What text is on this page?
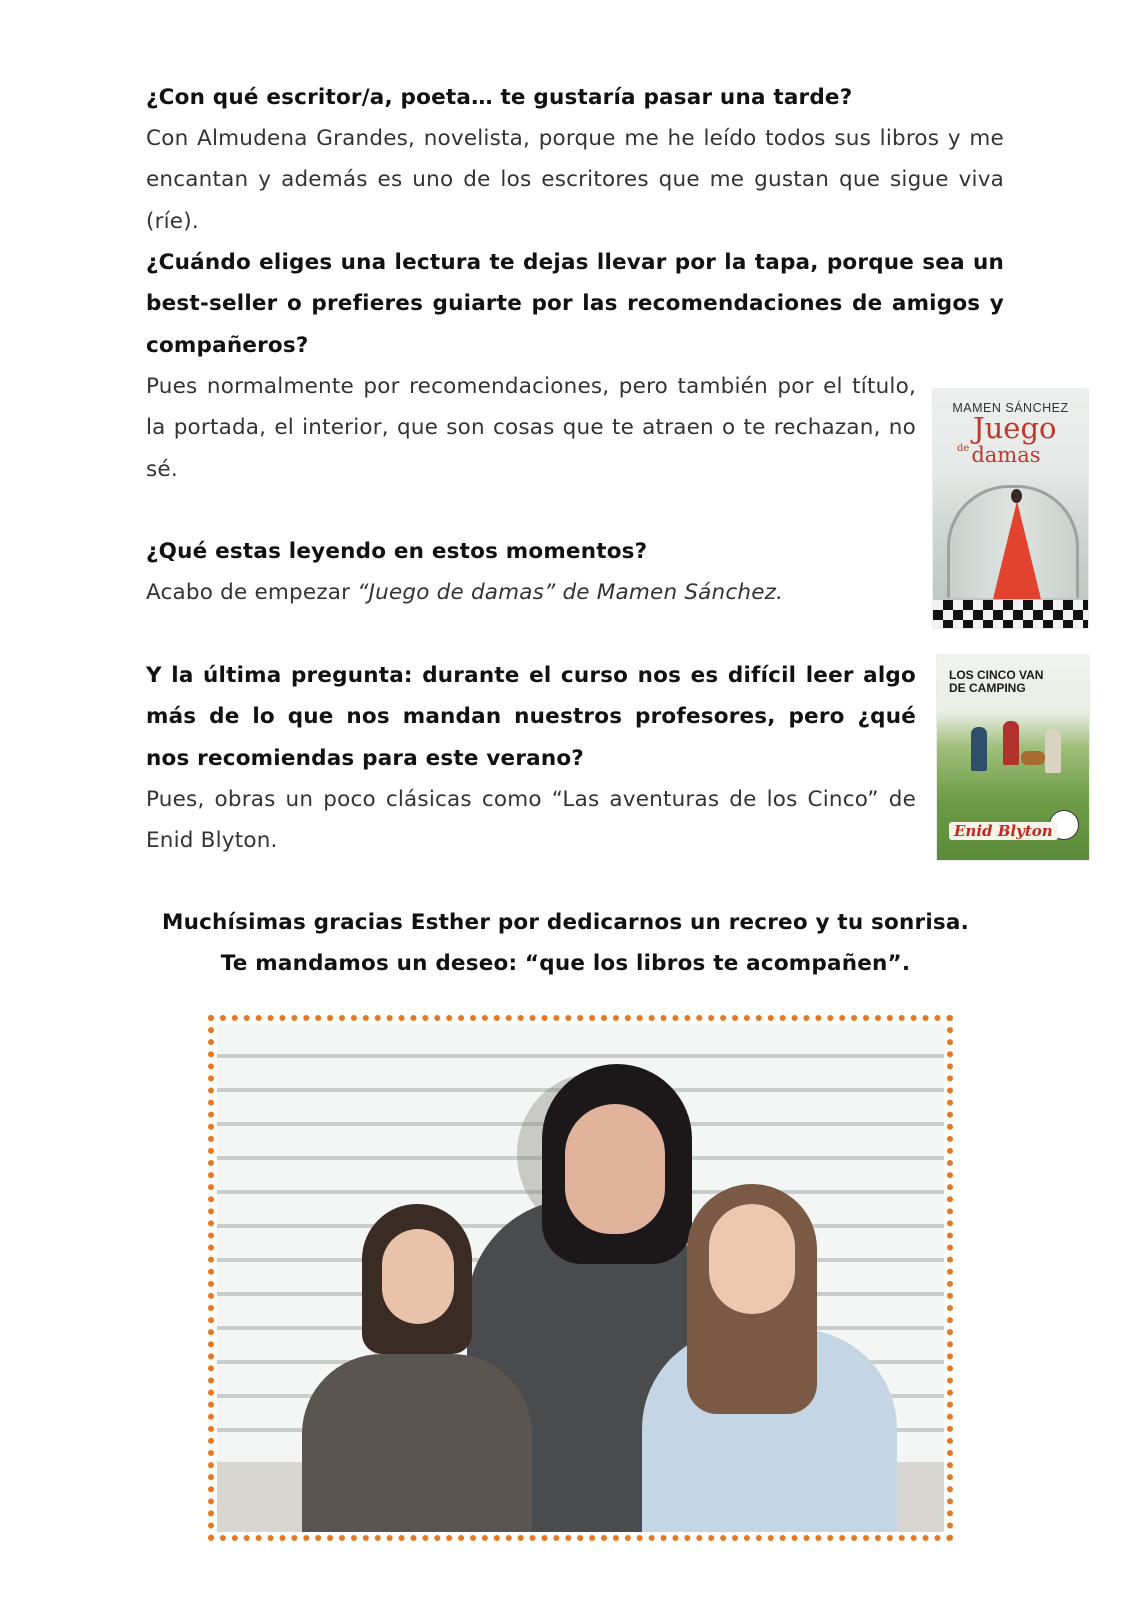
¿Con qué escritor/a, poeta… te gustaría pasar una tarde?

Con Almudena Grandes, novelista, porque me he leído todos sus libros y me encantan y además es uno de los escritores que me gustan que sigue viva (ríe).

¿Cuándo eliges una lectura te dejas llevar por la tapa, porque sea un best-seller o prefieres guiarte por las recomendaciones de amigos y compañeros?

Pues normalmente por recomendaciones, pero también por el título, la portada, el interior, que son cosas que te atraen o te rechazan, no sé.

¿Qué estas leyendo en estos momentos?

Acabo de empezar “Juego de damas” de Mamen Sánchez.

Y la última pregunta: durante el curso nos es difícil leer algo más de lo que nos mandan nuestros profesores, pero ¿qué nos recomiendas para este verano?

Pues, obras un poco clásicas como “Las aventuras de los Cinco” de Enid Blyton.

Muchísimas gracias Esther por dedicarnos un recreo y tu sonrisa.

Te mandamos un deseo: “que los libros te acompañen”.

MAMEN SÁNCHEZ
Juego
$^{de}$damas
LOS CINCO VAN
DE CAMPING
Enid Blyton
